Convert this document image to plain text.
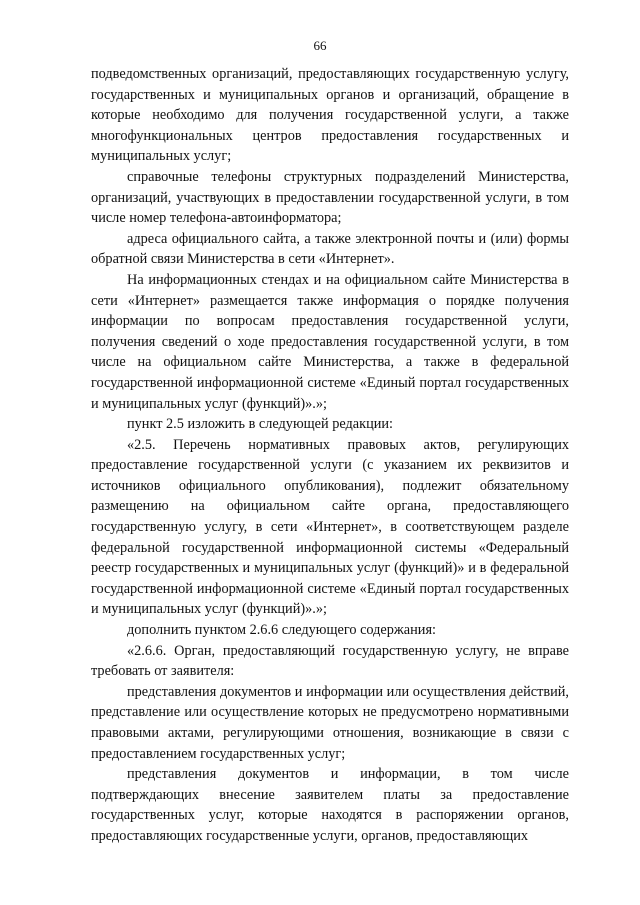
66

подведомственных организаций, предоставляющих государственную услугу, государственных и муниципальных органов и организаций, обращение в которые необходимо для получения государственной услуги, а также многофункциональных центров предоставления государственных и муниципальных услуг;

справочные телефоны структурных подразделений Министерства, организаций, участвующих в предоставлении государственной услуги, в том числе номер телефона-автоинформатора;

адреса официального сайта, а также электронной почты и (или) формы обратной связи Министерства в сети «Интернет».

На информационных стендах и на официальном сайте Министерства в сети «Интернет» размещается также информация о порядке получения информации по вопросам предоставления государственной услуги, получения сведений о ходе предоставления государственной услуги, в том числе на официальном сайте Министерства, а также в федеральной государственной информационной системе «Единый портал государственных и муниципальных услуг (функций)».»;

пункт 2.5 изложить в следующей редакции:

«2.5. Перечень нормативных правовых актов, регулирующих предоставление государственной услуги (с указанием их реквизитов и источников официального опубликования), подлежит обязательному размещению на официальном сайте органа, предоставляющего государственную услугу, в сети «Интернет», в соответствующем разделе федеральной государственной информационной системы «Федеральный реестр государственных и муниципальных услуг (функций)» и в федеральной государственной информационной системе «Единый портал государственных и муниципальных услуг (функций)».»;

дополнить пунктом 2.6.6 следующего содержания:

«2.6.6. Орган, предоставляющий государственную услугу, не вправе требовать от заявителя:

представления документов и информации или осуществления действий, представление или осуществление которых не предусмотрено нормативными правовыми актами, регулирующими отношения, возникающие в связи с предоставлением государственных услуг;

представления документов и информации, в том числе подтверждающих внесение заявителем платы за предоставление государственных услуг, которые находятся в распоряжении органов, предоставляющих государственные услуги, органов, предоставляющих
